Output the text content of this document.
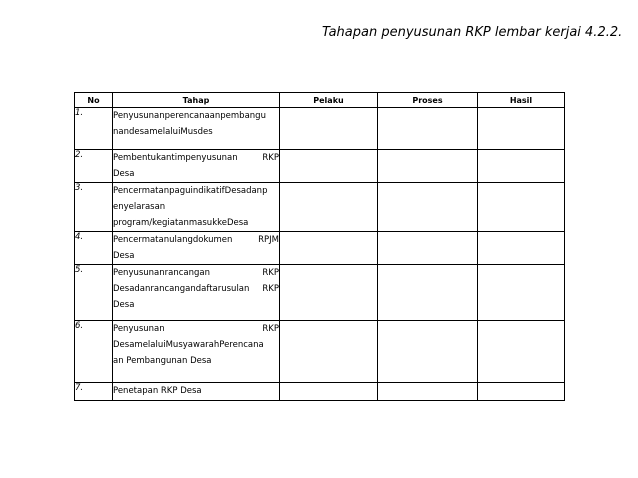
Tahapan penyusunan RKP lembar kerjai 4.2.2.
No	Tahap	Pelaku	Proses	Hasil
1.	Penyusunanperencanaanpembangu
nandesamelaluiMusdes			

2.	Pembentukantimpenyusunan RKP
Desa			

3.	PencermatanpaguindikatifDesadanp
enyelarasan
program/kegiatanmasukkeDesa			

4.	Pencermatanulangdokumen RPJM
Desa			

5.	Penyusunanrancangan RKP
Desadanrancangandaftarusulan RKP
Desa			

6.	Penyusunan RKP
DesamelaluiMusyawarahPerencana
an Pembangunan Desa			

7.	Penetapan RKP Desa			
